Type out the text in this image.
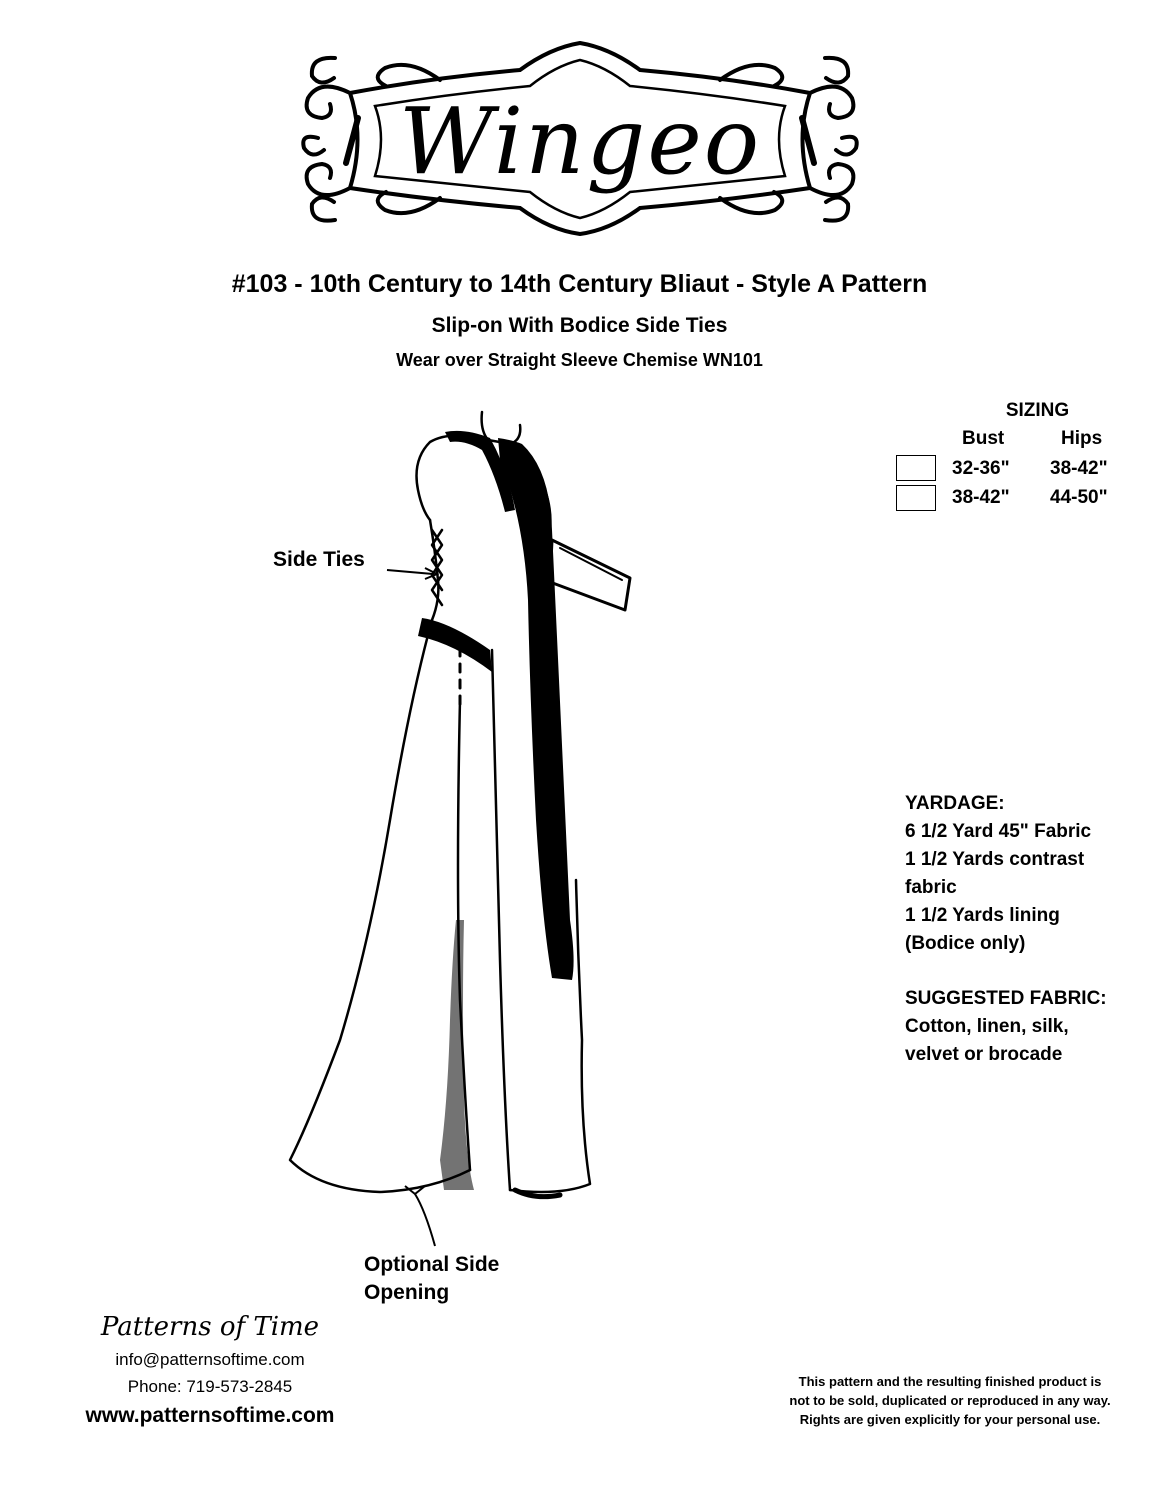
Wingeo
#103 - 10th Century to 14th Century Bliaut - Style A Pattern
Slip-on With Bodice Side Ties
Wear over Straight Sleeve Chemise WN101
SIZING
Bust	Hips
32-36" 38-42"
38-42" 44-50"
Side Ties
Optional Side
Opening
YARDAGE:
6 1/2 Yard 45" Fabric
1 1/2 Yards contrast
fabric
1 1/2 Yards lining
(Bodice only)
SUGGESTED FABRIC:
Cotton, linen, silk,
velvet or brocade
Patterns of Time
info@patternsoftime.com
Phone: 719-573-2845
www.patternsoftime.com
This pattern and the resulting finished product is
not to be sold, duplicated or reproduced in any way.
Rights are given explicitly for your personal use.
